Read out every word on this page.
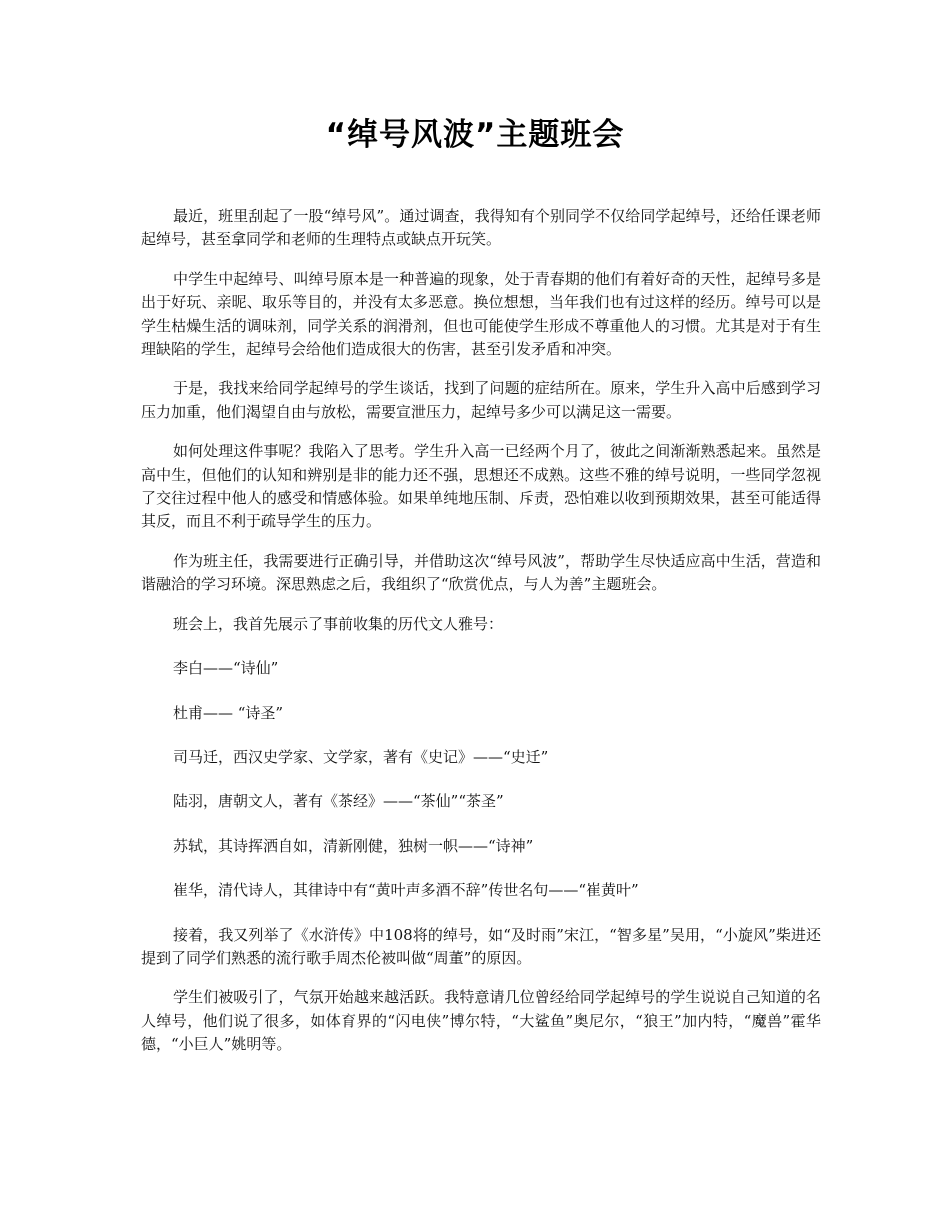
“绰号风波”主题班会

最近，班里刮起了一股“绰号风”。通过调查，我得知有个别同学不仅给同学起绰号，还给任课老师起绰号，甚至拿同学和老师的生理特点或缺点开玩笑。

中学生中起绰号、叫绰号原本是一种普遍的现象，处于青春期的他们有着好奇的天性，起绰号多是出于好玩、亲昵、取乐等目的，并没有太多恶意。换位想想，当年我们也有过这样的经历。绰号可以是学生枯燥生活的调味剂，同学关系的润滑剂，但也可能使学生形成不尊重他人的习惯。尤其是对于有生理缺陷的学生，起绰号会给他们造成很大的伤害，甚至引发矛盾和冲突。

于是，我找来给同学起绰号的学生谈话，找到了问题的症结所在。原来，学生升入高中后感到学习压力加重，他们渴望自由与放松，需要宣泄压力，起绰号多少可以满足这一需要。

如何处理这件事呢？我陷入了思考。学生升入高一已经两个月了，彼此之间渐渐熟悉起来。虽然是高中生，但他们的认知和辨别是非的能力还不强，思想还不成熟。这些不雅的绰号说明，一些同学忽视了交往过程中他人的感受和情感体验。如果单纯地压制、斥责，恐怕难以收到预期效果，甚至可能适得其反，而且不利于疏导学生的压力。

作为班主任，我需要进行正确引导，并借助这次“绰号风波”，帮助学生尽快适应高中生活，营造和谐融洽的学习环境。深思熟虑之后，我组织了“欣赏优点，与人为善”主题班会。

班会上，我首先展示了事前收集的历代文人雅号：

李白——“诗仙”

杜甫—— “诗圣”

司马迁，西汉史学家、文学家，著有《史记》——“史迁”

陆羽，唐朝文人，著有《茶经》——“茶仙”“茶圣”

苏轼，其诗挥洒自如，清新刚健，独树一帜——“诗神”

崔华，清代诗人，其律诗中有“黄叶声多酒不辞”传世名句——“崔黄叶”

接着，我又列举了《水浒传》中108将的绰号，如“及时雨”宋江，“智多星”吴用，“小旋风”柴进还提到了同学们熟悉的流行歌手周杰伦被叫做“周董”的原因。

学生们被吸引了，气氛开始越来越活跃。我特意请几位曾经给同学起绰号的学生说说自己知道的名人绰号，他们说了很多，如体育界的“闪电侠”博尔特，“大鲨鱼”奥尼尔，“狼王”加内特，“魔兽”霍华德，“小巨人”姚明等。
